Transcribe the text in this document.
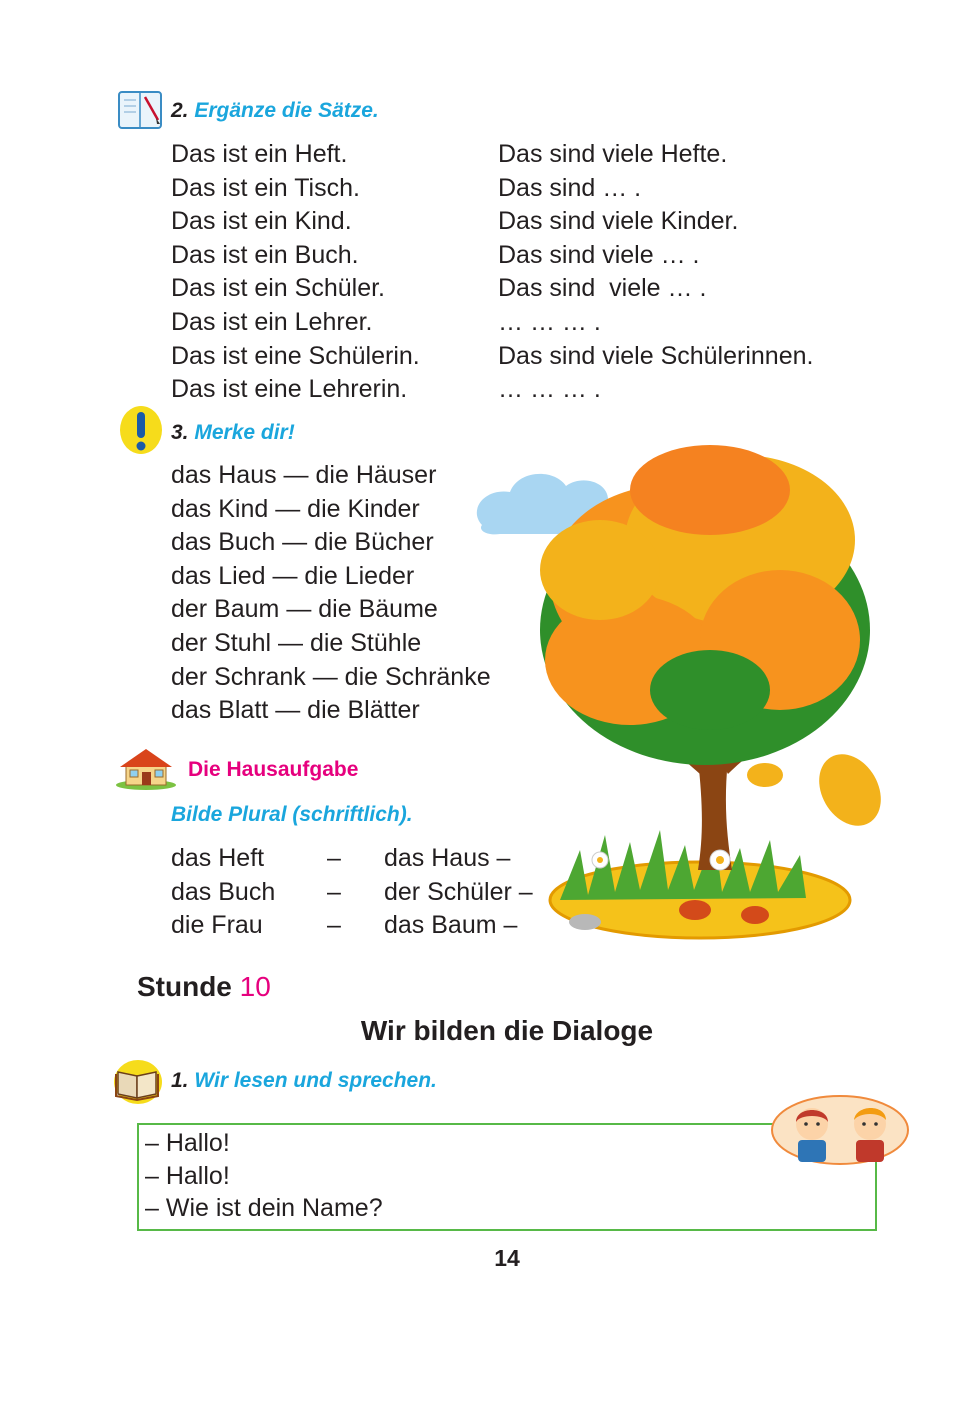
2. Ergänze die Sätze.
Das ist ein Heft.
Das ist ein Tisch.
Das ist ein Kind.
Das ist ein Buch.
Das ist ein Schüler.
Das ist ein Lehrer.
Das ist eine Schülerin.
Das ist eine Lehrerin.
Das sind viele Hefte.
Das sind … .
Das sind viele Kinder.
Das sind viele … .
Das sind  viele … .
… … … .
Das sind viele Schülerinnen.
… … … .
3. Merke dir!
das Haus — die Häuser
das Kind — die Kinder
das Buch — die Bücher
das Lied — die Lieder
der Baum — die Bäume
der Stuhl — die Stühle
der Schrank — die Schränke
das Blatt — die Blätter
Die Hausaufgabe
Bilde Plural (schriftlich).
das Heft
das Buch
die Frau
–
–
–
das Haus –
der Schüler –
das Baum –
Stunde 10
Wir bilden die Dialoge
1. Wir lesen und sprechen.
– Hallo!
– Hallo!
– Wie ist dein Name?
14
